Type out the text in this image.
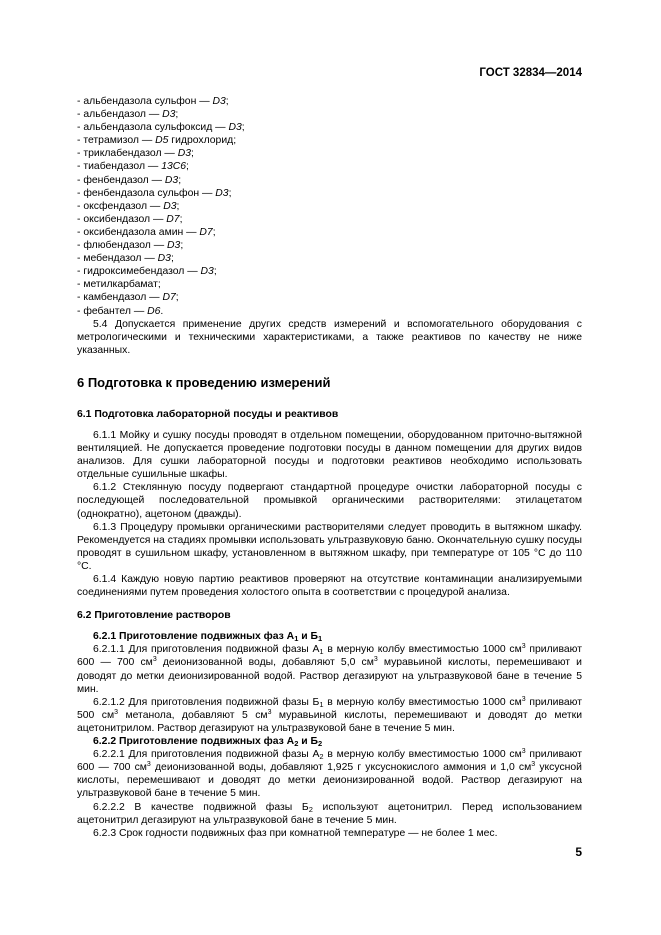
ГОСТ 32834—2014
- альбендазола сульфон — D3;
- альбендазол — D3;
- альбендазола сульфоксид — D3;
- тетрамизол — D5 гидрохлорид;
- триклабендазол — D3;
- тиабендазол — 13C6;
- фенбендазол — D3;
- фенбендазола сульфон — D3;
- оксфендазол — D3;
- оксибендазол — D7;
- оксибендазола амин — D7;
- флюбендазол — D3;
- мебендазол — D3;
- гидроксимебендазол — D3;
- метилкарбамат;
- камбендазол — D7;
- фебантел — D6.

5.4 Допускается применение других средств измерений и вспомогательного оборудования с метрологическими и техническими характеристиками, а также реактивов по качеству не ниже указанных.

6 Подготовка к проведению измерений
6.1 Подготовка лабораторной посуды и реактивов

6.1.1 Мойку и сушку посуды проводят в отдельном помещении, оборудованном приточно-вытяжной вентиляцией. Не допускается проведение подготовки посуды в данном помещении для других видов анализов. Для сушки лабораторной посуды и подготовки реактивов необходимо использовать отдельные сушильные шкафы.

6.1.2 Стеклянную посуду подвергают стандартной процедуре очистки лабораторной посуды с последующей последовательной промывкой органическими растворителями: этилацетатом (однократно), ацетоном (дважды).

6.1.3 Процедуру промывки органическими растворителями следует проводить в вытяжном шкафу. Рекомендуется на стадиях промывки использовать ультразвуковую баню. Окончательную сушку посуды проводят в сушильном шкафу, установленном в вытяжном шкафу, при температуре от 105 °С до 110 °С.

6.1.4 Каждую новую партию реактивов проверяют на отсутствие контаминации анализируемыми соединениями путем проведения холостого опыта в соответствии с процедурой анализа.

6.2 Приготовление растворов
6.2.1 Приготовление подвижных фаз $А_1$ и $Б_1$

6.2.1.1 Для приготовления подвижной фазы $А_1$ в мерную колбу вместимостью 1000 $см^3$ приливают 600 — 700 $см^3$ деионизованной воды, добавляют 5,0 $см^3$ муравьиной кислоты, перемешивают и доводят до метки деионизированной водой. Раствор дегазируют на ультразвуковой бане в течение 5 мин.

6.2.1.2 Для приготовления подвижной фазы $Б_1$ в мерную колбу вместимостью 1000 $см^3$ приливают 500 $см^3$ метанола, добавляют 5 $см^3$ муравьиной кислоты, перемешивают и доводят до метки ацетонитрилом. Раствор дегазируют на ультразвуковой бане в течение 5 мин.

6.2.2 Приготовление подвижных фаз $А_2$ и $Б_2$

6.2.2.1 Для приготовления подвижной фазы $А_2$ в мерную колбу вместимостью 1000 $см^3$ приливают 600 — 700 $см^3$ деионизованной воды, добавляют 1,925 г уксуснокислого аммония и 1,0 $см^3$ уксусной кислоты, перемешивают и доводят до метки деионизированной водой. Раствор дегазируют на ультразвуковой бане в течение 5 мин.

6.2.2.2 В качестве подвижной фазы $Б_2$ используют ацетонитрил. Перед использованием ацетонитрил дегазируют на ультразвуковой бане в течение 5 мин.

6.2.3 Срок годности подвижных фаз при комнатной температуре — не более 1 мес.

5
